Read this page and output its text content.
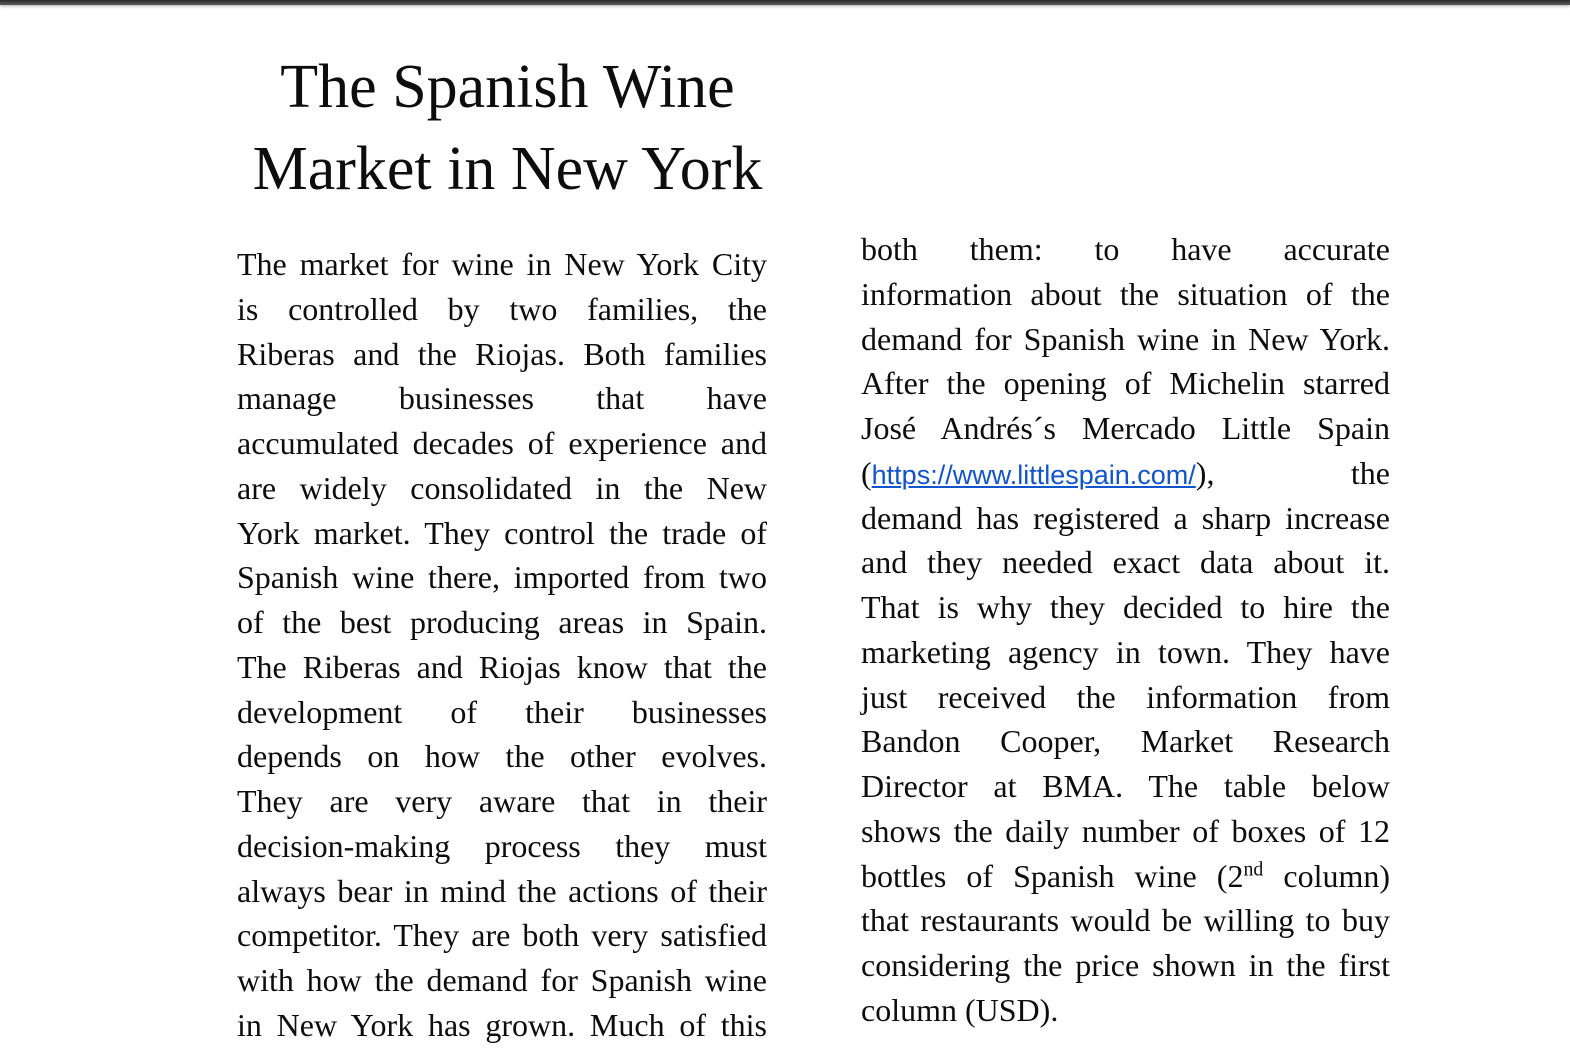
The Spanish Wine
Market in New York
The market for wine in New York City
is controlled by two families, the
Riberas and the Riojas. Both families
manage businesses that have
accumulated decades of experience and
are widely consolidated in the New
York market. They control the trade of
Spanish wine there, imported from two
of the best producing areas in Spain.
The Riberas and Riojas know that the
development of their businesses
depends on how the other evolves.
They are very aware that in their
decision-making process they must
always bear in mind the actions of their
competitor. They are both very satisfied
with how the demand for Spanish wine
in New York has grown. Much of this
both them: to have accurate
information about the situation of the
demand for Spanish wine in New York.
After the opening of Michelin starred
José Andrés´s Mercado Little Spain
(https://www.littlespain.com/),	the
demand has registered a sharp increase
and they needed exact data about it.
That is why they decided to hire the
marketing agency in town. They have
just received the information from
Bandon Cooper, Market Research
Director at BMA. The table below
shows the daily number of boxes of 12
bottles of Spanish wine (2nd column)
that restaurants would be willing to buy
considering the price shown in the first
column (USD).
